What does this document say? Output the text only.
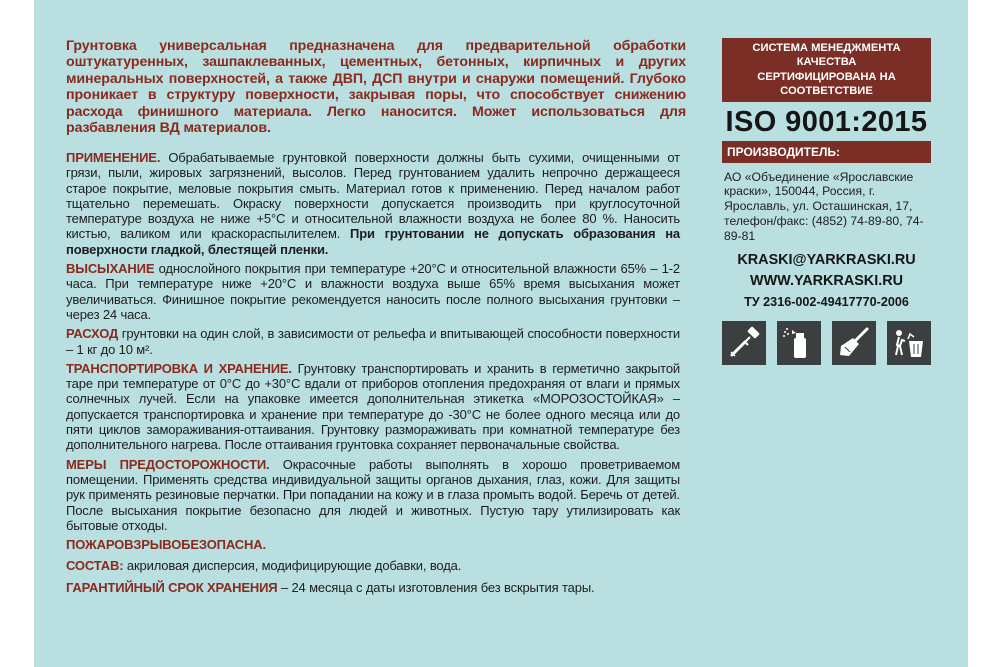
Грунтовка универсальная предназначена для предварительной обработки оштукатуренных, зашпаклеванных, цементных, бетонных, кирпичных и других минеральных поверхностей, а также ДВП, ДСП внутри и снаружи помещений. Глубоко проникает в структуру поверхности, закрывая поры, что способствует снижению расхода финишного материала. Легко наносится. Может использоваться для разбавления ВД материалов.

ПРИМЕНЕНИЕ. Обрабатываемые грунтовкой поверхности должны быть сухими, очищенными от грязи, пыли, жировых загрязнений, высолов. Перед грунтованием удалить непрочно держащееся старое покрытие, меловые покрытия смыть. Материал готов к применению. Перед началом работ тщательно перемешать. Окраску поверхности допускается производить при круглосуточной температуре воздуха не ниже +5°С и относительной влажности воздуха не более 80 %. Наносить кистью, валиком или краскораспылителем. При грунтовании не допускать образования на поверхности гладкой, блестящей пленки.

ВЫСЫХАНИЕ однослойного покрытия при температуре +20°С и относительной влажности 65% – 1-2 часа. При температуре ниже +20°С и влажности воздуха выше 65% время высыхания может увеличиваться. Финишное покрытие рекомендуется наносить после полного высыхания грунтовки – через 24 часа.

РАСХОД грунтовки на один слой, в зависимости от рельефа и впитывающей способности поверхности – 1 кг до 10 м².

ТРАНСПОРТИРОВКА И ХРАНЕНИЕ. Грунтовку транспортировать и хранить в герметично закрытой таре при температуре от 0°С до +30°С вдали от приборов отопления предохраняя от влаги и прямых солнечных лучей. Если на упаковке имеется дополнительная этикетка «МОРОЗОСТОЙКАЯ» – допускается транспортировка и хранение при температуре до -30°С не более одного месяца или до пяти циклов замораживания-оттаивания. Грунтовку размораживать при комнатной температуре без дополнительного нагрева. После оттаивания грунтовка сохраняет первоначальные свойства.

МЕРЫ ПРЕДОСТОРОЖНОСТИ. Окрасочные работы выполнять в хорошо проветриваемом помещении. Применять средства индивидуальной защиты органов дыхания, глаз, кожи. Для защиты рук применять резиновые перчатки. При попадании на кожу и в глаза промыть водой. Беречь от детей. После высыхания покрытие безопасно для людей и животных. Пустую тару утилизировать как бытовые отходы.

ПОЖАРОВЗРЫВОБЕЗОПАСНА.

СОСТАВ: акриловая дисперсия, модифицирующие добавки, вода.

ГАРАНТИЙНЫЙ СРОК ХРАНЕНИЯ – 24 месяца с даты изготовления без вскрытия тары.

СИСТЕМА МЕНЕДЖМЕНТА КАЧЕСТВА
СЕРТИФИЦИРОВАНА НА СООТВЕТСТВИЕ
ISO 9001:2015
ПРОИЗВОДИТЕЛЬ:
АО «Объединение «Ярославские краски», 150044, Россия, г. Ярославль, ул. Осташинская, 17, телефон/факс: (4852) 74-89-80, 74-89-81
KRASKI@YARKRASKI.RU
WWW.YARKRASKI.RU
ТУ 2316-002-49417770-2006
